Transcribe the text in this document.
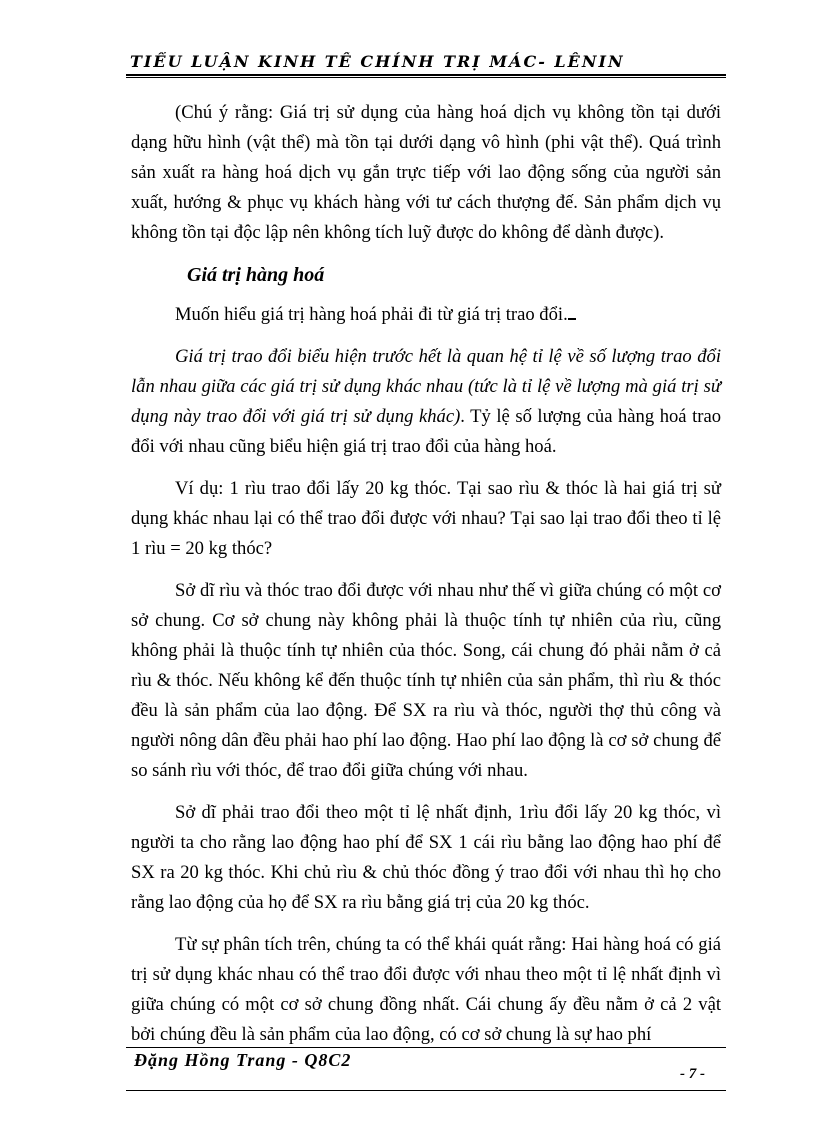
TIỂU LUẬN KINH TẾ CHÍNH TRỊ MÁC- LÊNIN

(Chú ý rằng: Giá trị sử dụng của hàng hoá dịch vụ không tồn tại dưới dạng hữu hình (vật thể) mà tồn tại dưới dạng vô hình (phi vật thể). Quá trình sản xuất ra hàng hoá dịch vụ gắn trực tiếp với lao động sống của người sản xuất, hướng & phục vụ khách hàng với tư cách thượng đế. Sản phẩm dịch vụ không tồn tại độc lập nên không tích luỹ được do không để dành được).

Giá trị hàng hoá

Muốn hiểu giá trị hàng hoá phải đi từ giá trị trao đổi.

Giá trị trao đổi biểu hiện trước hết là quan hệ tỉ lệ về số lượng trao đổi lẫn nhau giữa các giá trị sử dụng khác nhau (tức là tỉ lệ về lượng mà giá trị sử dụng này trao đổi với giá trị sử dụng khác). Tỷ lệ số lượng của hàng hoá trao đổi với nhau cũng biểu hiện giá trị trao đổi của hàng hoá.

Ví dụ: 1 rìu trao đổi lấy 20 kg thóc. Tại sao rìu & thóc là hai giá trị sử dụng khác nhau lại có thể trao đổi được với nhau? Tại sao lại trao đổi theo tỉ lệ 1 rìu = 20 kg thóc?

Sở dĩ rìu và thóc trao đổi được với nhau như thế vì giữa chúng có một cơ sở chung. Cơ sở chung này không phải là thuộc tính tự nhiên của rìu, cũng không phải là thuộc tính tự nhiên của thóc. Song, cái chung đó phải nằm ở cả rìu & thóc. Nếu không kể đến thuộc tính tự nhiên của sản phẩm, thì rìu & thóc đều là sản phẩm của lao động. Để SX ra rìu và thóc, người thợ thủ công và người nông dân đều phải hao phí lao động. Hao phí lao động là cơ sở chung để so sánh rìu với thóc, để trao đổi giữa chúng với nhau.

Sở dĩ phải trao đổi theo một tỉ lệ nhất định, 1rìu đổi lấy 20 kg thóc, vì người ta cho rằng lao động hao phí để SX 1 cái rìu bằng lao động hao phí để SX ra 20 kg thóc. Khi chủ rìu & chủ thóc đồng ý trao đổi với nhau thì họ cho rằng lao động của họ để SX ra rìu bằng giá trị của 20 kg thóc.

Từ sự phân tích trên, chúng ta có thể khái quát rằng: Hai hàng hoá có giá trị sử dụng khác nhau có thể trao đổi được với nhau theo một tỉ lệ nhất định vì giữa chúng có một cơ sở chung đồng nhất. Cái chung ấy đều nằm ở cả 2 vật bởi chúng đều là sản phẩm của lao động, có cơ sở chung là sự hao phí

Đặng Hồng Trang - Q8C2
- 7 -
